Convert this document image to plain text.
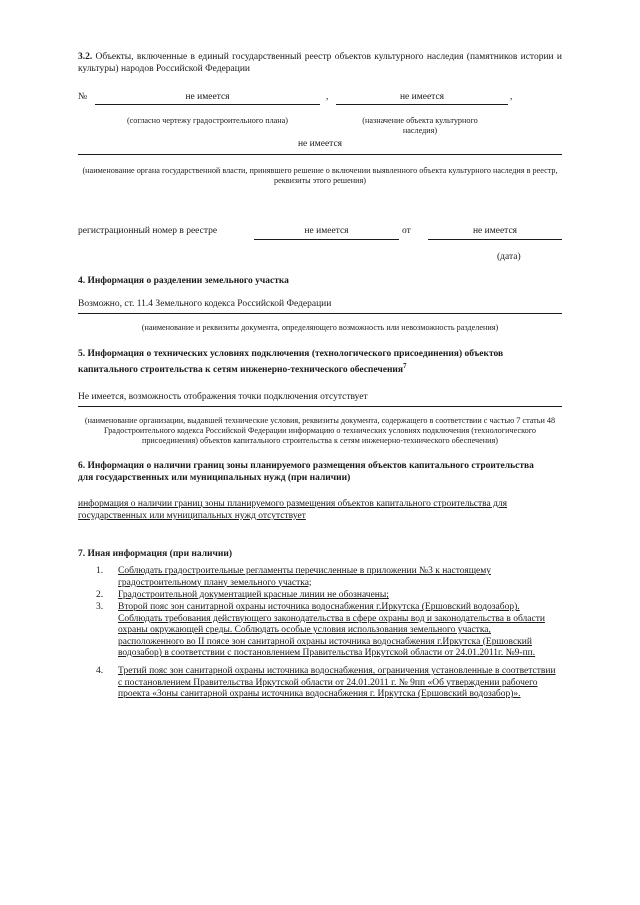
3.2. Объекты, включенные в единый государственный реестр объектов культурного наследия (памятников истории и культуры) народов Российской Федерации
№	не имеется	,	не имеется	,
(согласно чертежу градостроительного плана)	(назначение объекта культурного наследия)
не имеется
(наименование органа государственной власти, принявшего решение о включении выявленного объекта культурного наследия в реестр, реквизиты этого решения)
регистрационный номер в реестре	не имеется	от	не имеется
(дата)
4. Информация о разделении земельного участка
Возможно, ст. 11.4 Земельного кодекса Российской Федерации
(наименование и реквизиты документа, определяющего возможность или невозможность разделения)
5. Информация о технических условиях подключения (технологического присоединения) объектов капитального строительства к сетям инженерно-технического обеспечения$^7$
Не имеется, возможность отображения точки подключения отсутствует
(наименование организации, выдавшей технические условия, реквизиты документа, содержащего в соответствии с частью 7 статьи 48 Градостроительного кодекса Российской Федерации информацию о технических условиях подключения (технологического присоединения) объектов капитального строительства к сетям инженерно-технического обеспечения)
6. Информация о наличии границ зоны планируемого размещения объектов капитального строительства для государственных или муниципальных нужд (при наличии)
информация о наличии границ зоны планируемого размещения объектов капитального строительства для государственных или муниципальных нужд отсутствует
7. Иная информация (при наличии)
1. Соблюдать градостроительные регламенты перечисленные в приложении №3 к настоящему градостроительному плану земельного участка;
2. Градостроительной документацией красные линии не обозначены;
3. Второй пояс зон санитарной охраны источника водоснабжения г.Иркутска (Ершовский водозабор). Соблюдать требования действующего законодательства в сфере охраны вод и законодательства в области охраны окружающей среды. Соблюдать особые условия использования земельного участка, расположенного во II поясе зон санитарной охраны источника водоснабжения г.Иркутска (Ершовский водозабор) в соответствии с постановлением Правительства Иркутской области от 24.01.2011г. №9-пп.
4. Третий пояс зон санитарной охраны источника водоснабжения, ограничения установленные в соответствии с постановлением Правительства Иркутской области от 24.01.2011 г. № 9пп «Об утверждении рабочего проекта «Зоны санитарной охраны источника водоснабжения г. Иркутска (Ершовский водозабор)».
